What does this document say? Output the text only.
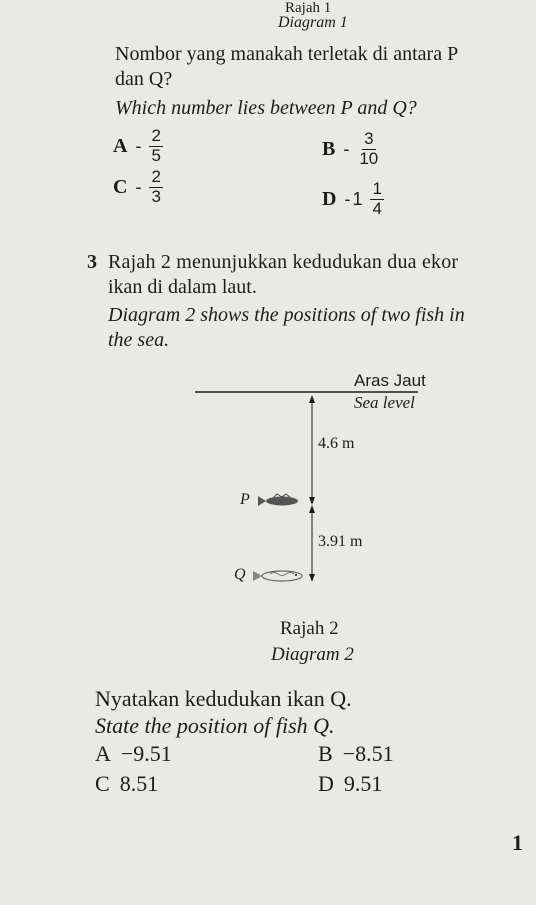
Rajah 1
Diagram 1
Nombor yang manakah terletak di antara P
dan Q?
Which number lies between P and Q?
A - $\frac{2}{5}$	B - $\frac{3}{10}$
C - $\frac{2}{3}$	D - $1 \frac{1}{4}$
3 Rajah 2 menunjukkan kedudukan dua ekor
ikan di dalam laut.
Diagram 2 shows the positions of two fish in
the sea.
Aras Jaut
Sea level
4.6 m
P
3.91 m
Q
Rajah 2
Diagram 2
Nyatakan kedudukan ikan Q.
State the position of fish Q.
A −9.51	B −8.51
C 8.51	D 9.51
1
